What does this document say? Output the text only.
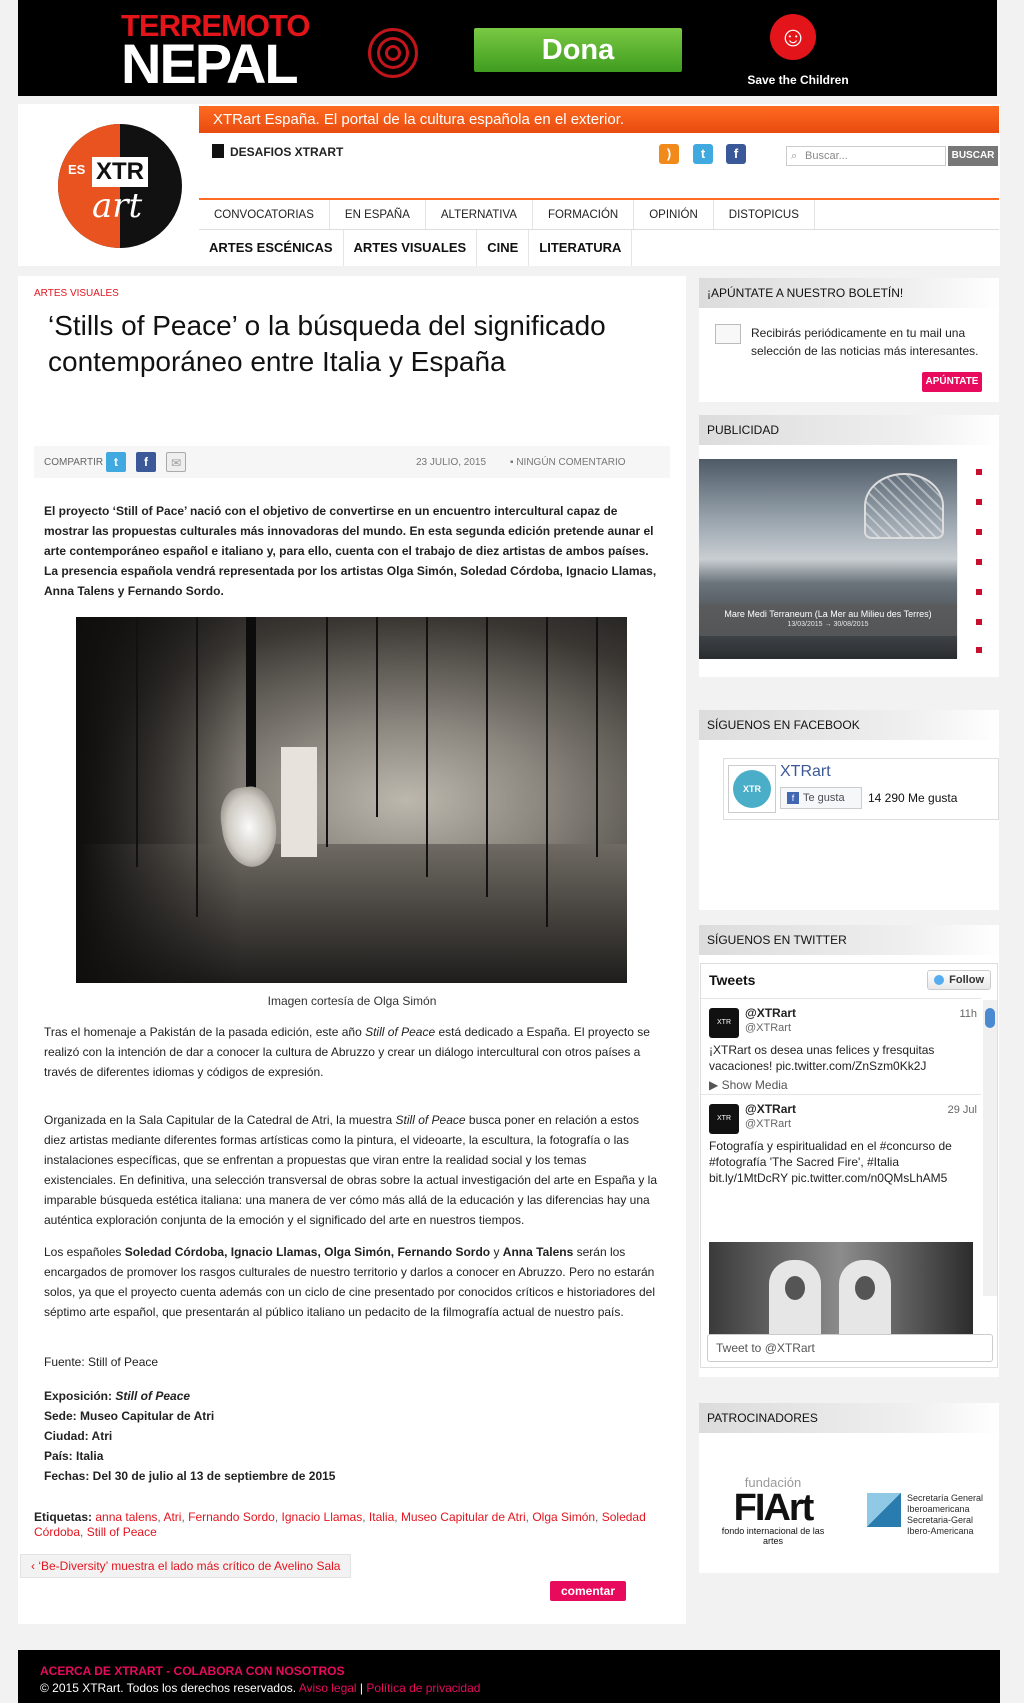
TERREMOTO
NEPAL	Dona	☺
Save the Children
ES XTR
art
XTRart España. El portal de la cultura española en el exterior.
DESAFIOS XTRART	)	t	f	⌕ Buscar...	BUSCAR
CONVOCATORIAS	EN ESPAÑA	ALTERNATIVA	FORMACIÓN	OPINIÓN	DISTOPICUS
ARTES ESCÉNICAS	ARTES VISUALES	CINE	LITERATURA
ARTES VISUALES
‘Stills of Peace’ o la búsqueda del significado contemporáneo entre Italia y España
COMPARTIR t	f	✉	23 JULIO, 2015 ▪ NINGÚN COMENTARIO
El proyecto ‘Still of Pace’ nació con el objetivo de convertirse en un encuentro intercultural capaz de mostrar las propuestas culturales más innovadoras del mundo. En esta segunda edición pretende aunar el arte contemporáneo español e italiano y, para ello, cuenta con el trabajo de diez artistas de ambos países. La presencia española vendrá representada por los artistas Olga Simón, Soledad Córdoba, Ignacio Llamas, Anna Talens y Fernando Sordo.
Imagen cortesía de Olga Simón
Tras el homenaje a Pakistán de la pasada edición, este año Still of Peace está dedicado a España. El proyecto se realizó con la intención de dar a conocer la cultura de Abruzzo y crear un diálogo intercultural con otros países a través de diferentes idiomas y códigos de expresión.
Organizada en la Sala Capitular de la Catedral de Atri, la muestra Still of Peace busca poner en relación a estos diez artistas mediante diferentes formas artísticas como la pintura, el videoarte, la escultura, la fotografía o las instalaciones específicas, que se enfrentan a propuestas que viran entre la realidad social y los temas existenciales. En definitiva, una selección transversal de obras sobre la actual investigación del arte en España y la imparable búsqueda estética italiana: una manera de ver cómo más allá de la educación y las diferencias hay una auténtica exploración conjunta de la emoción y el significado del arte en nuestros tiempos.
Los españoles Soledad Córdoba, Ignacio Llamas, Olga Simón, Fernando Sordo y Anna Talens serán los encargados de promover los rasgos culturales de nuestro territorio y darlos a conocer en Abruzzo. Pero no estarán solos, ya que el proyecto cuenta además con un ciclo de cine presentado por conocidos críticos e historiadores del séptimo arte español, que presentarán al público italiano un pedacito de la filmografía actual de nuestro país.
Fuente: Still of Peace
Exposición: Still of Peace
Sede: Museo Capitular de Atri
Ciudad: Atri
País: Italia
Fechas: Del 30 de julio al 13 de septiembre de 2015
Etiquetas: anna talens, Atri, Fernando Sordo, Ignacio Llamas, Italia, Museo Capitular de Atri, Olga Simón, Soledad Córdoba, Still of Peace
‹ ‘Be-Diversity’ muestra el lado más crítico de Avelino Sala
comentar
¡APÚNTATE A NUESTRO BOLETÍN!
Recibirás periódicamente en tu mail una selección de las noticias más interesantes.
APÚNTATE
PUBLICIDAD
Mare Medi Terraneum (La Mer au Milieu des Terres)
13/03/2015 → 30/08/2015
SÍGUENOS EN FACEBOOK
XTR
XTRart
f Te gusta	14 290 Me gusta
SÍGUENOS EN TWITTER
Tweets	Follow
XTR
@XTRart
@XTRart
11h
¡XTRart os desea unas felices y fresquitas vacaciones! pic.twitter.com/ZnSzm0Kk2J
▶ Show Media
XTR
@XTRart
@XTRart
29 Jul
Fotografía y espiritualidad en el #concurso de #fotografía 'The Sacred Fire', #Italia bit.ly/1MtDcRY pic.twitter.com/n0QMsLhAM5
Tweet to @XTRart
PATROCINADORES
fundación
FIArt
fondo internacional de las artes
Secretaría General Iberoamericana Secretaria-Geral Ibero-Americana
ACERCA DE XTRART - COLABORA CON NOSOTROS
© 2015 XTRart. Todos los derechos reservados. Aviso legal | Política de privacidad
